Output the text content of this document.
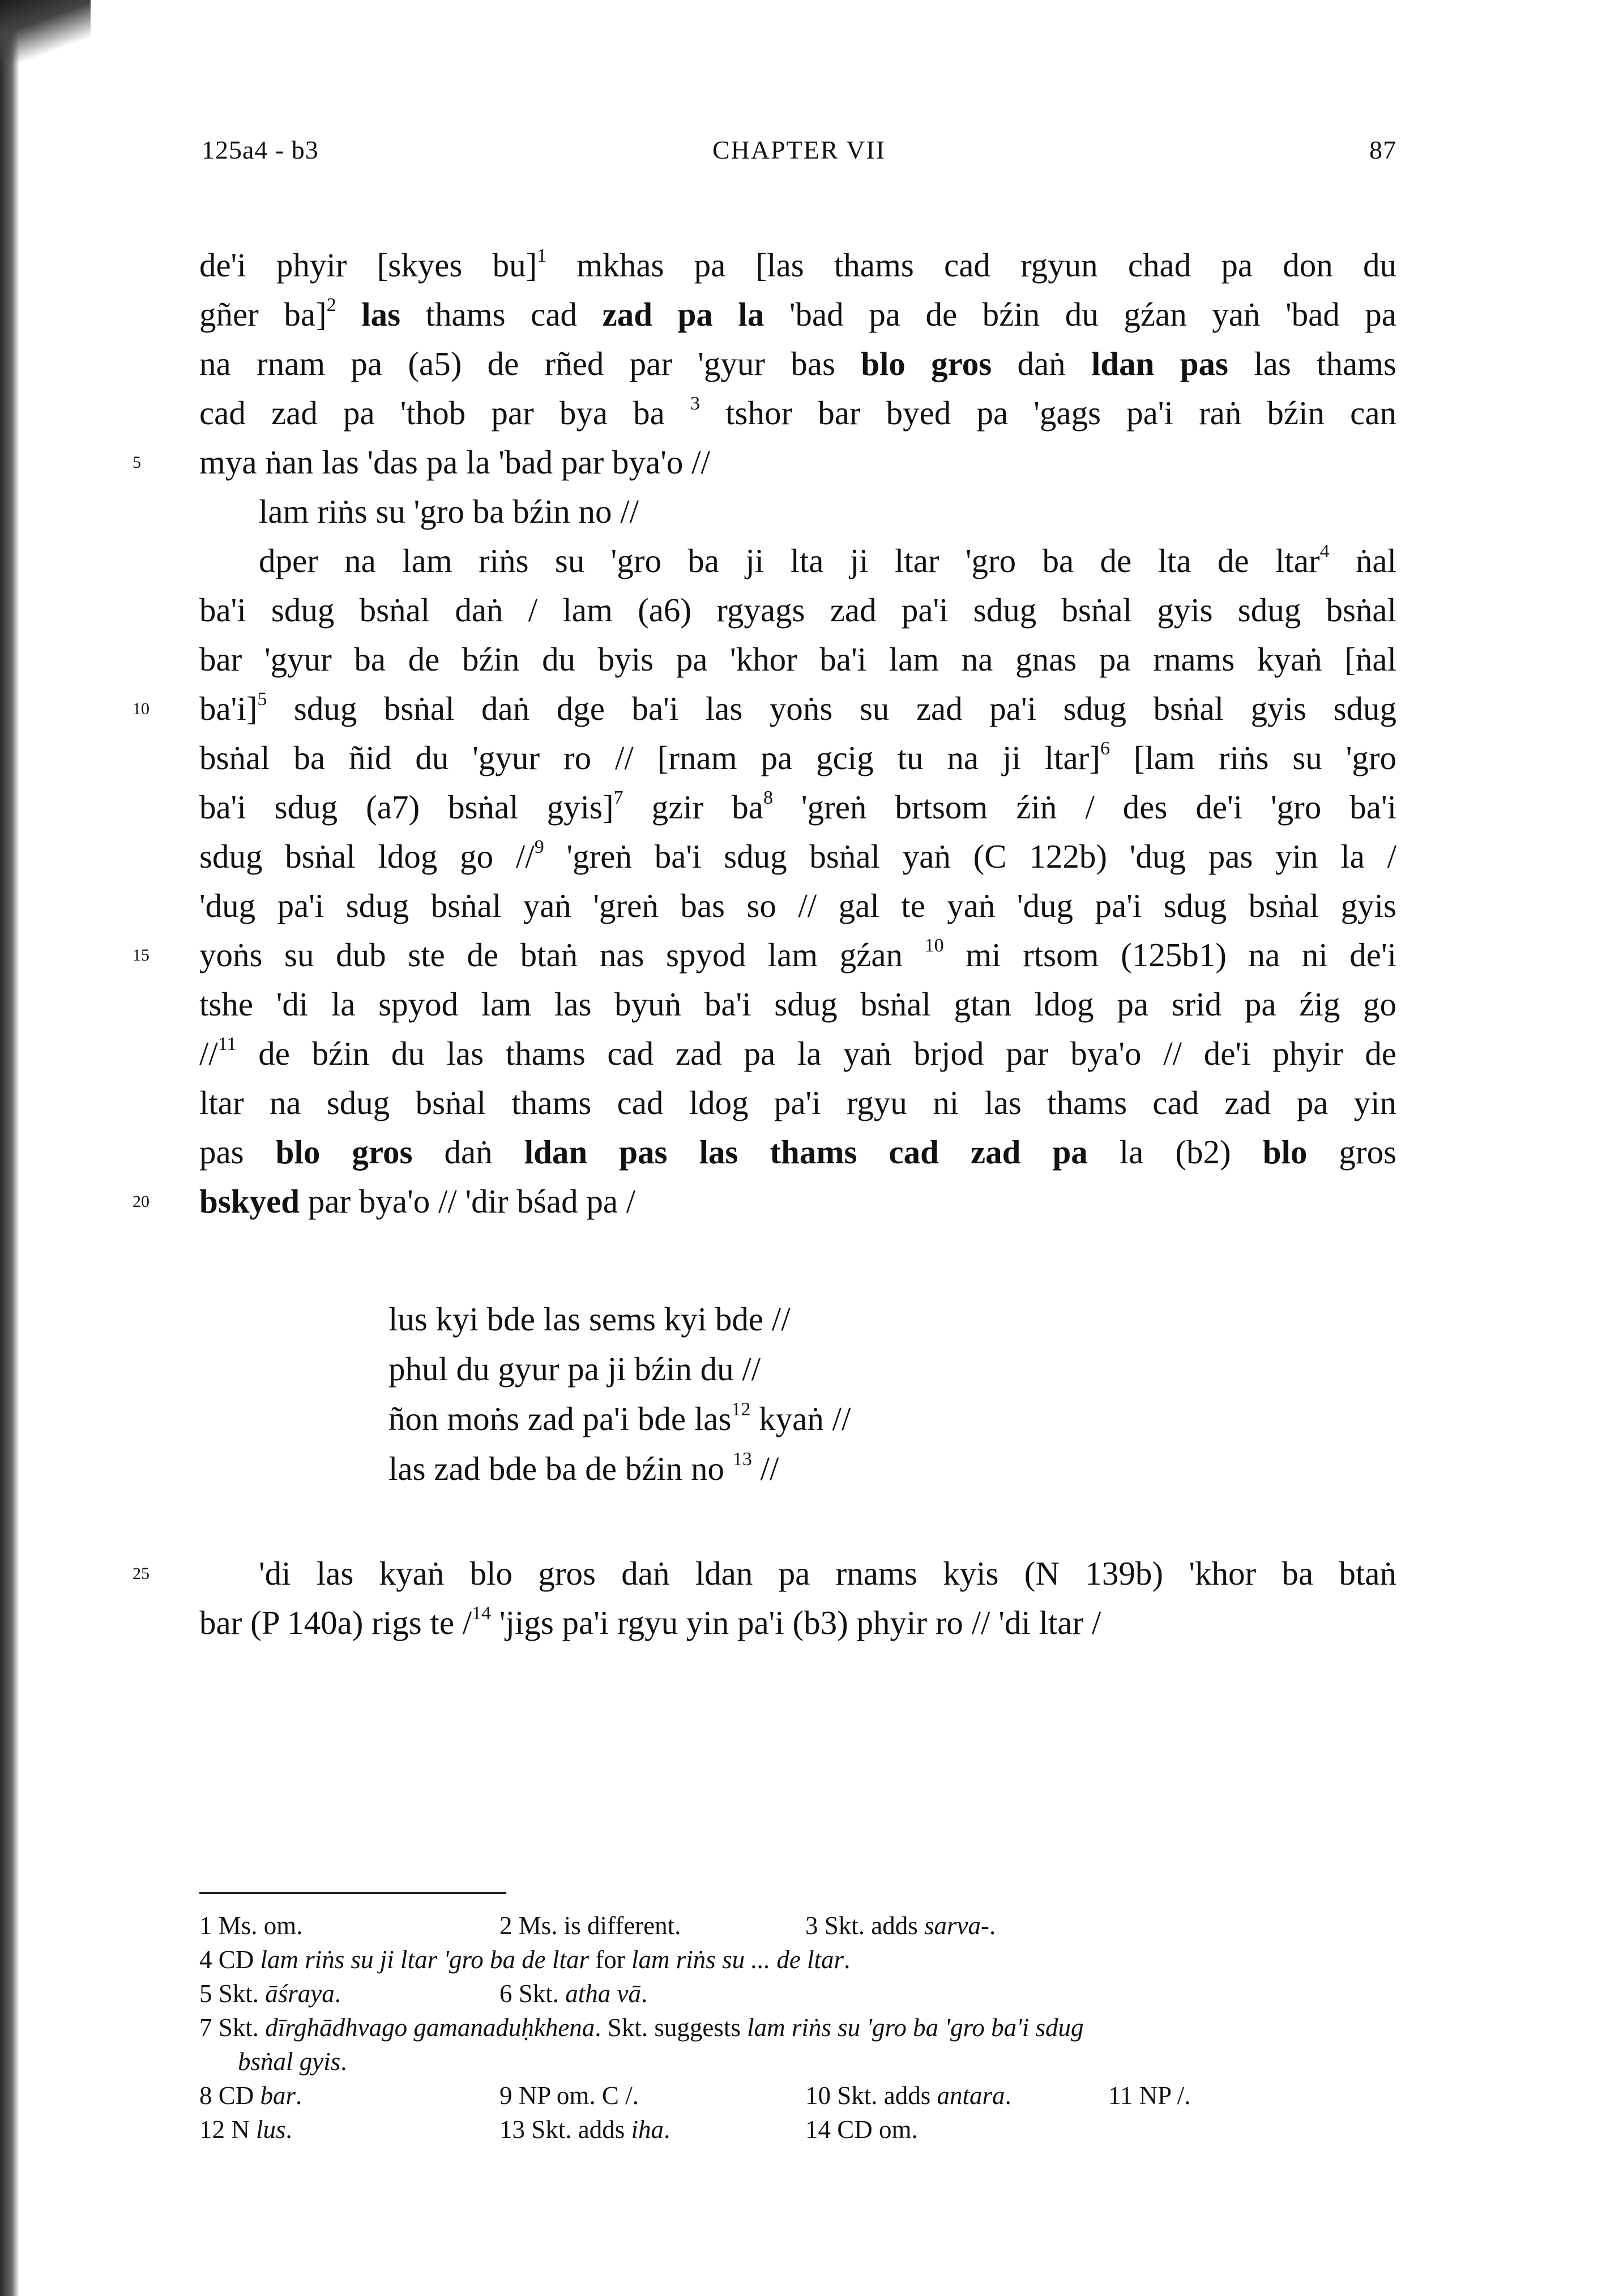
125a4 - b3	CHAPTER VII	87
de'i phyir [skyes bu]$^1$ mkhas pa [las thams cad rgyun chad pa don du
gñer ba]$^2$ las thams cad zad pa la 'bad pa de bźin du gźan yaṅ 'bad pa
na rnam pa (a5) de rñed par 'gyur bas blo gros daṅ ldan pas las thams
cad zad pa 'thob par bya ba $^3$ tshor bar byed pa 'gags pa'i raṅ bźin can
5	mya ṅan las 'das pa la 'bad par bya'o //
lam riṅs su 'gro ba bźin no //
dper na lam riṅs su 'gro ba ji lta ji ltar 'gro ba de lta de ltar$^4$ ṅal
ba'i sdug bsṅal daṅ / lam (a6) rgyags zad pa'i sdug bsṅal gyis sdug bsṅal
bar 'gyur ba de bźin du byis pa 'khor ba'i lam na gnas pa rnams kyaṅ [ṅal
10	ba'i]$^5$ sdug bsṅal daṅ dge ba'i las yoṅs su zad pa'i sdug bsṅal gyis sdug
bsṅal ba ñid du 'gyur ro // [rnam pa gcig tu na ji ltar]$^6$ [lam riṅs su 'gro
ba'i sdug (a7) bsṅal gyis]$^7$ gzir $ba^8$ 'greṅ brtsom źiṅ / des de'i 'gro ba'i
sdug bsṅal ldog go //$^9$ 'greṅ ba'i sdug bsṅal yaṅ (C 122b) 'dug pas yin la /
'dug pa'i sdug bsṅal yaṅ 'greṅ bas so // gal te yaṅ 'dug pa'i sdug bsṅal gyis
15	yoṅs su dub ste de btaṅ nas spyod lam gźan $^{10}$ mi rtsom (125b1) na ni de'i
tshe 'di la spyod lam las byuṅ ba'i sdug bsṅal gtan ldog pa srid pa źig go
//$^{11}$ de bźin du las thams cad zad pa la yaṅ brjod par bya'o // de'i phyir de
ltar na sdug bsṅal thams cad ldog pa'i rgyu ni las thams cad zad pa yin
pas blo gros daṅ ldan pas las thams cad zad pa la (b2) blo gros
20	bskyed par bya'o // 'dir bśad pa /
lus kyi bde las sems kyi bde //
phul du gyur pa ji bźin du //
ñon moṅs zad pa'i bde las$^{12}$ kyaṅ //
las zad bde ba de bźin no $^{13}$ //
25	'di las kyaṅ blo gros daṅ ldan pa rnams kyis (N 139b) 'khor ba btaṅ
bar (P 140a) rigs te /$^{14}$ 'jigs pa'i rgyu yin pa'i (b3) phyir ro // 'di ltar /
1 Ms. om.	2 Ms. is different.	3 Skt. adds sarva-.
4 CD lam riṅs su ji ltar 'gro ba de ltar for lam riṅs su ... de ltar.
5 Skt. āśraya.	6 Skt. atha vā.
7 Skt. dīrghādhvago gamanaduḥkhena. Skt. suggests lam riṅs su 'gro ba 'gro ba'i sdug
bsṅal gyis.
8 CD bar.	9 NP om. C /.	10 Skt. adds antara.	11 NP /.
12 N lus.	13 Skt. adds iha.	14 CD om.
